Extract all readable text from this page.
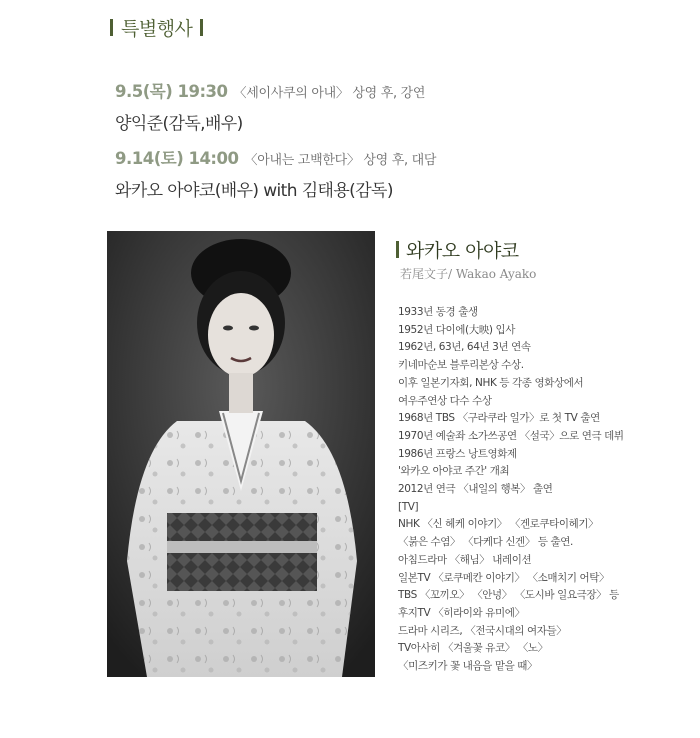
특별행사
9.5(목) 19:30 〈세이사쿠의 아내〉 상영 후, 강연
양익준(감독,배우)
9.14(토) 14:00 〈아내는 고백한다〉 상영 후, 대담
와카오 아야코(배우) with 김태용(감독)
와카오 아야코
若尾文子/ Wakao Ayako
1933년 동경 출생
1952년 다이에(大映) 입사
1962년, 63년, 64년 3년 연속
키네마순보 블루리본상 수상.
이후 일본기자회, NHK 등 각종 영화상에서
여우주연상 다수 수상
1968년 TBS 〈구라쿠라 일가〉로 첫 TV 출연
1970년 예술좌 소가쓰공연 〈설국〉으로 연극 데뷔
1986년 프랑스 낭트영화제
'와카오 아야코 주간' 개최
2012년 연극 〈내일의 행복〉 출연
[TV]
NHK 〈신 헤케 이야기〉 〈겐로쿠타이헤기〉
〈붉은 수염〉 〈다케다 신겐〉 등 출연.
아침드라마 〈해님〉 내레이션
일본TV 〈로쿠메칸 이야기〉 〈소매치기 어탁〉
TBS 〈꼬끼오〉 〈안녕〉 〈도시바 일요극장〉 등
후지TV 〈히라이와 유미에〉
드라마 시리즈, 〈전국시대의 여자들〉
TV아사히 〈겨울꽃 유코〉 〈노〉
〈미즈키가 꽃 내음을 맡을 때〉
